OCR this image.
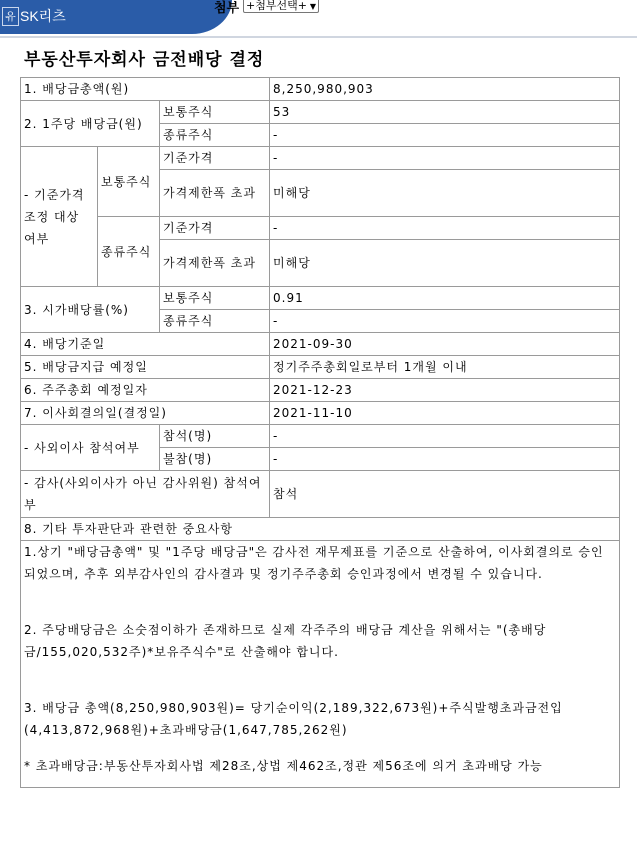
유 SK리츠	첨부 +첨부선택+ ▼
부동산투자회사 금전배당 결정
1. 배당금총액(원)			8,250,980,903
2. 1주당 배당금(원)		보통주식	53
		종류주식	-
- 기준가격 조정 대상 여부	보통주식	기준가격	-
		가격제한폭 초과	미해당
	종류주식	기준가격	-
		가격제한폭 초과	미해당
3. 시가배당률(%)		보통주식	0.91
		종류주식	-
4. 배당기준일			2021-09-30
5. 배당금지급 예정일			정기주주총회일로부터 1개월 이내
6. 주주총회 예정일자			2021-12-23
7. 이사회결의일(결정일)			2021-11-10
- 사외이사 참석여부		참석(명)	-
		불참(명)	-
- 감사(사외이사가 아닌 감사위원) 참석여부			참석
8. 기타 투자판단과 관련한 중요사항			

1.상기 "배당금총액" 및 "1주당 배당금"은 감사전 재무제표를 기준으로 산출하여, 이사회결의로 승인되었으며, 추후 외부감사인의 감사결과 및 정기주주총회 승인과정에서 변경될 수 있습니다.

2. 주당배당금은 소숫점이하가 존재하므로 실제 각주주의 배당금 계산을 위해서는 "(총배당금/155,020,532주)*보유주식수"로 산출해야 합니다.

3. 배당금 총액(8,250,980,903원)= 당기순이익(2,189,322,673원)+주식발행초과금전입(4,413,872,968원)+초과배당금(1,647,785,262원)

* 초과배당금:부동산투자회사법 제28조,상법 제462조,정관 제56조에 의거 초과배당 가능			
